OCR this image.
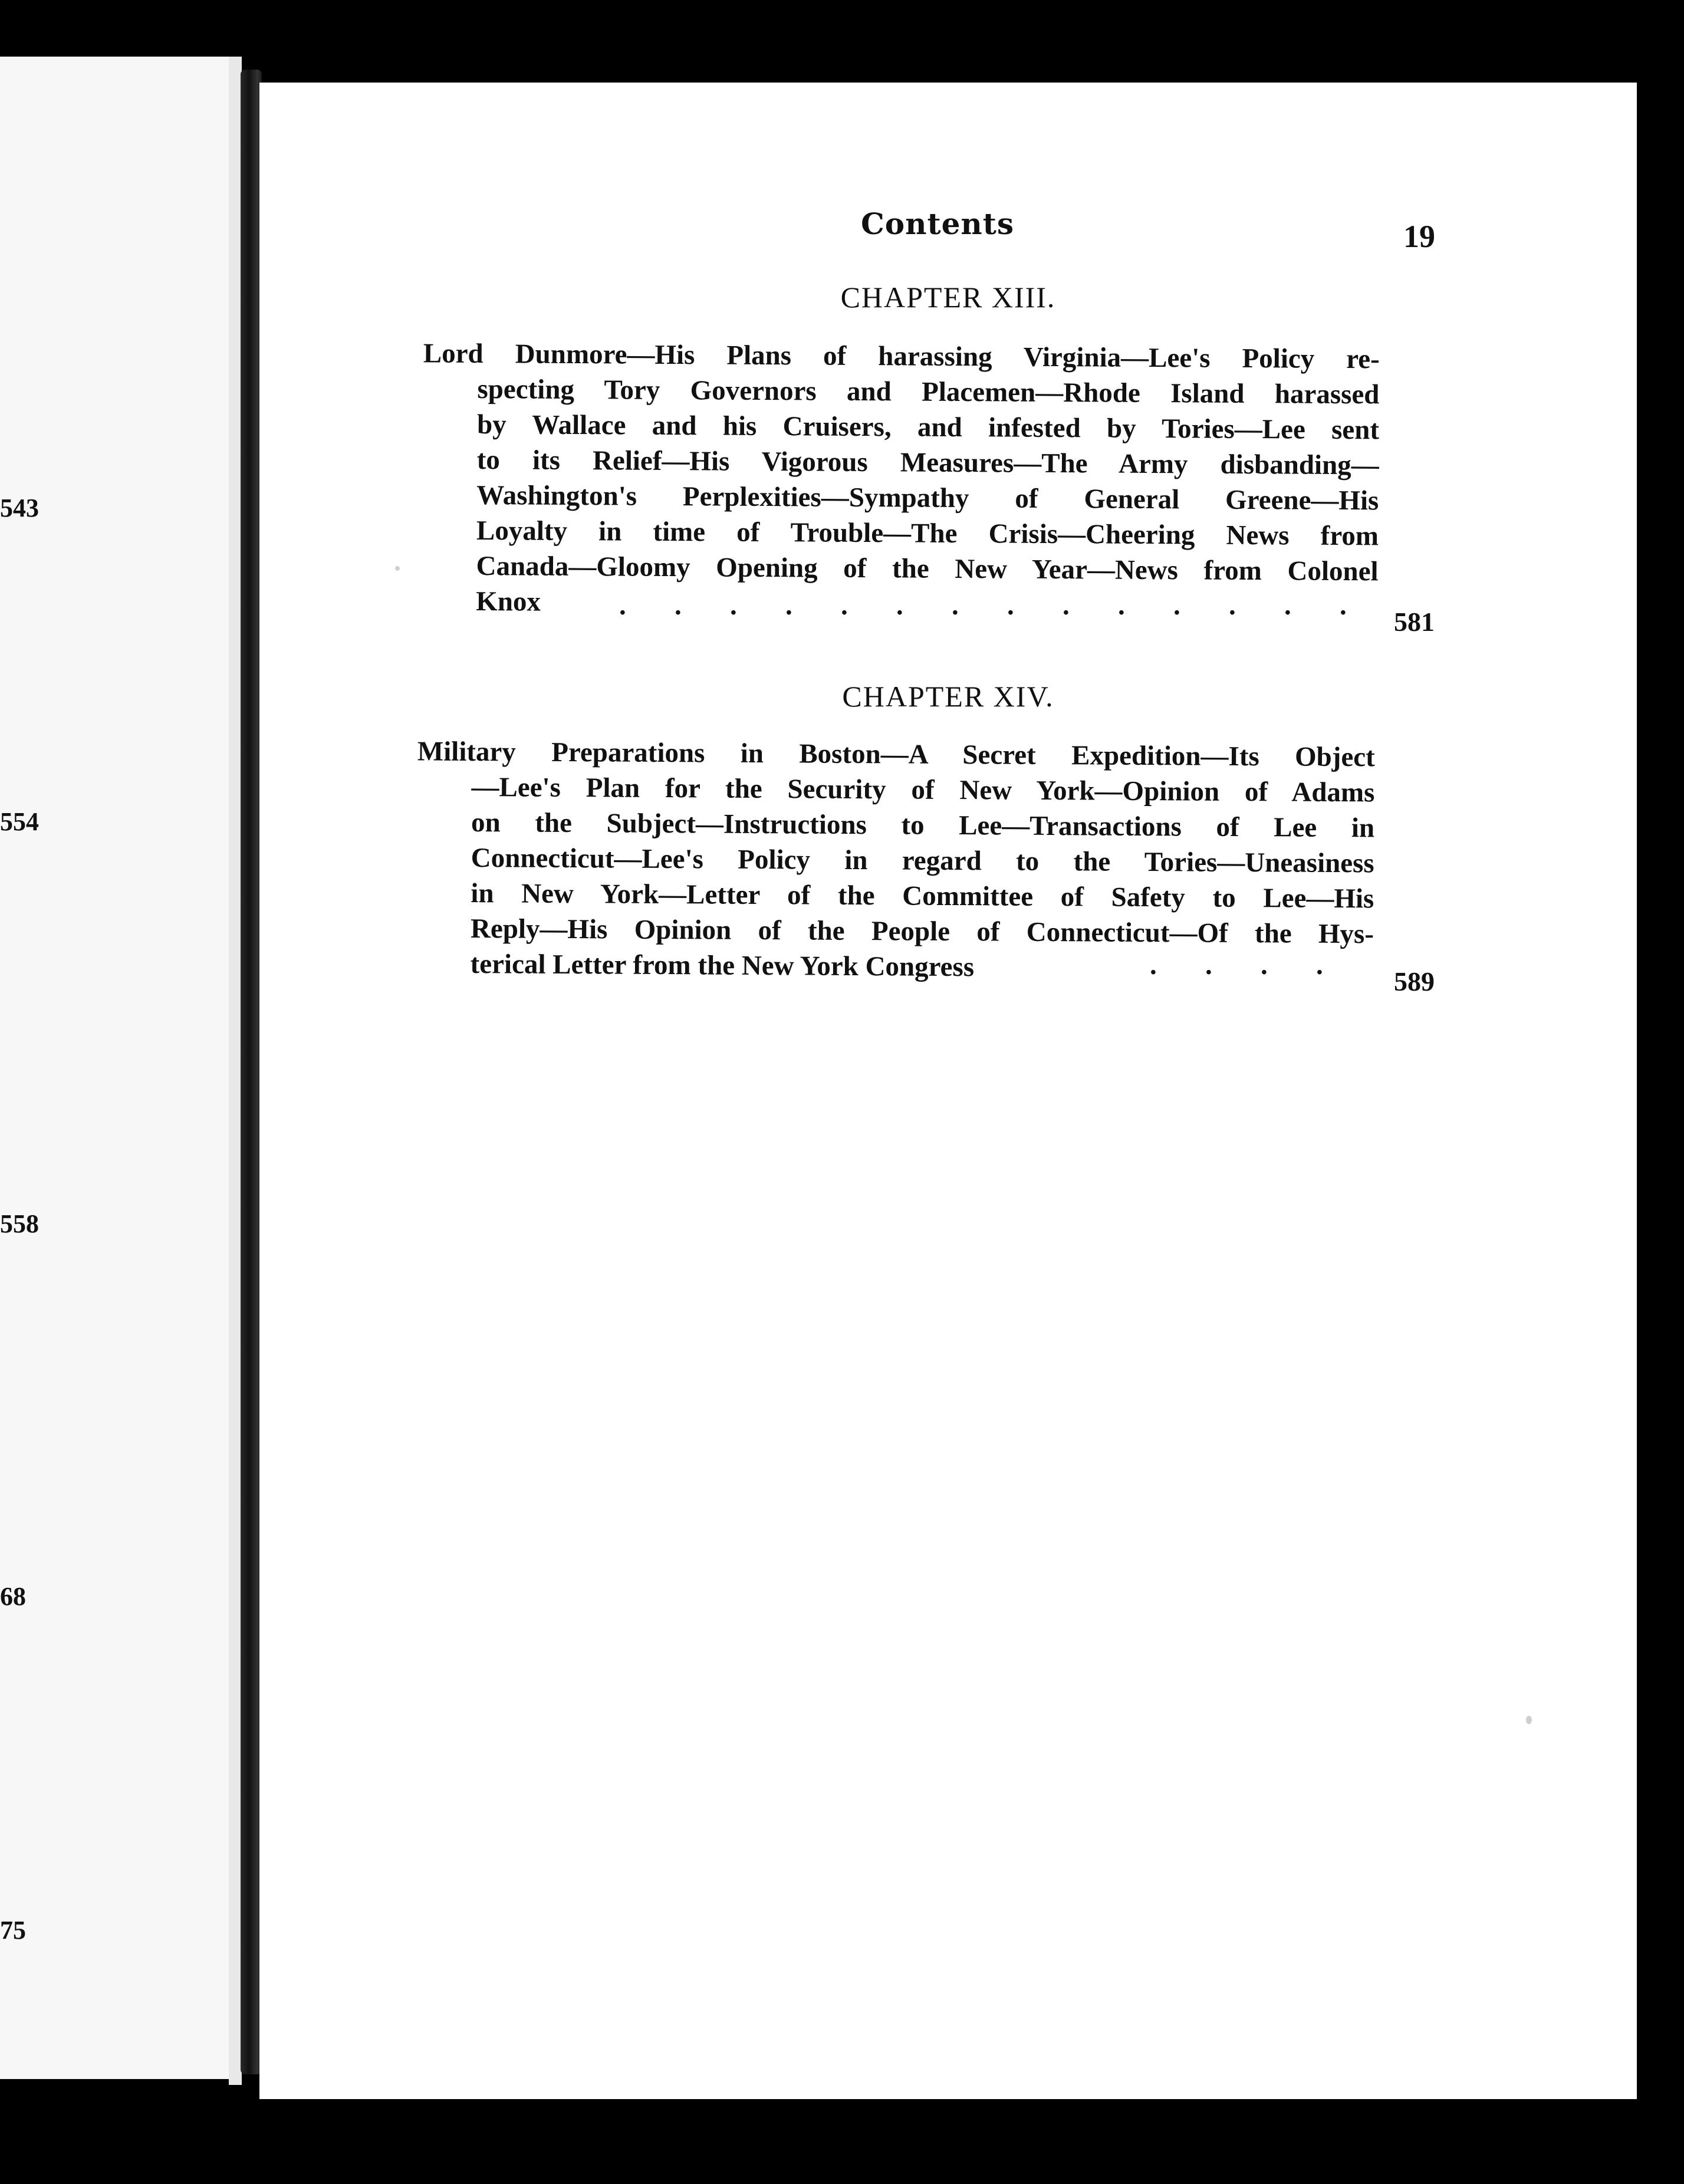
543
554
558
68
75
Contents	19
CHAPTER XIII.
Lord Dunmore—His Plans of harassing Virginia—Lee's Policy re-
specting Tory Governors and Placemen—Rhode Island harassed
by Wallace and his Cruisers, and infested by Tories—Lee sent
to its Relief—His Vigorous Measures—The Army disbanding—
Washington's Perplexities—Sympathy of General Greene—His
Loyalty in time of Trouble—The Crisis—Cheering News from
Canada—Gloomy Opening of the New Year—News from Colonel
Knox	.       .       .       .       .       .       .       .       .       .       .       .       .       .
581
CHAPTER XIV.
Military Preparations in Boston—A Secret Expedition—Its Object
—Lee's Plan for the Security of New York—Opinion of Adams
on the Subject—Instructions to Lee—Transactions of Lee in
Connecticut—Lee's Policy in regard to the Tories—Uneasiness
in New York—Letter of the Committee of Safety to Lee—His
Reply—His Opinion of the People of Connecticut—Of the Hys-
terical Letter from the New York Congress	.       .       .       .
589
